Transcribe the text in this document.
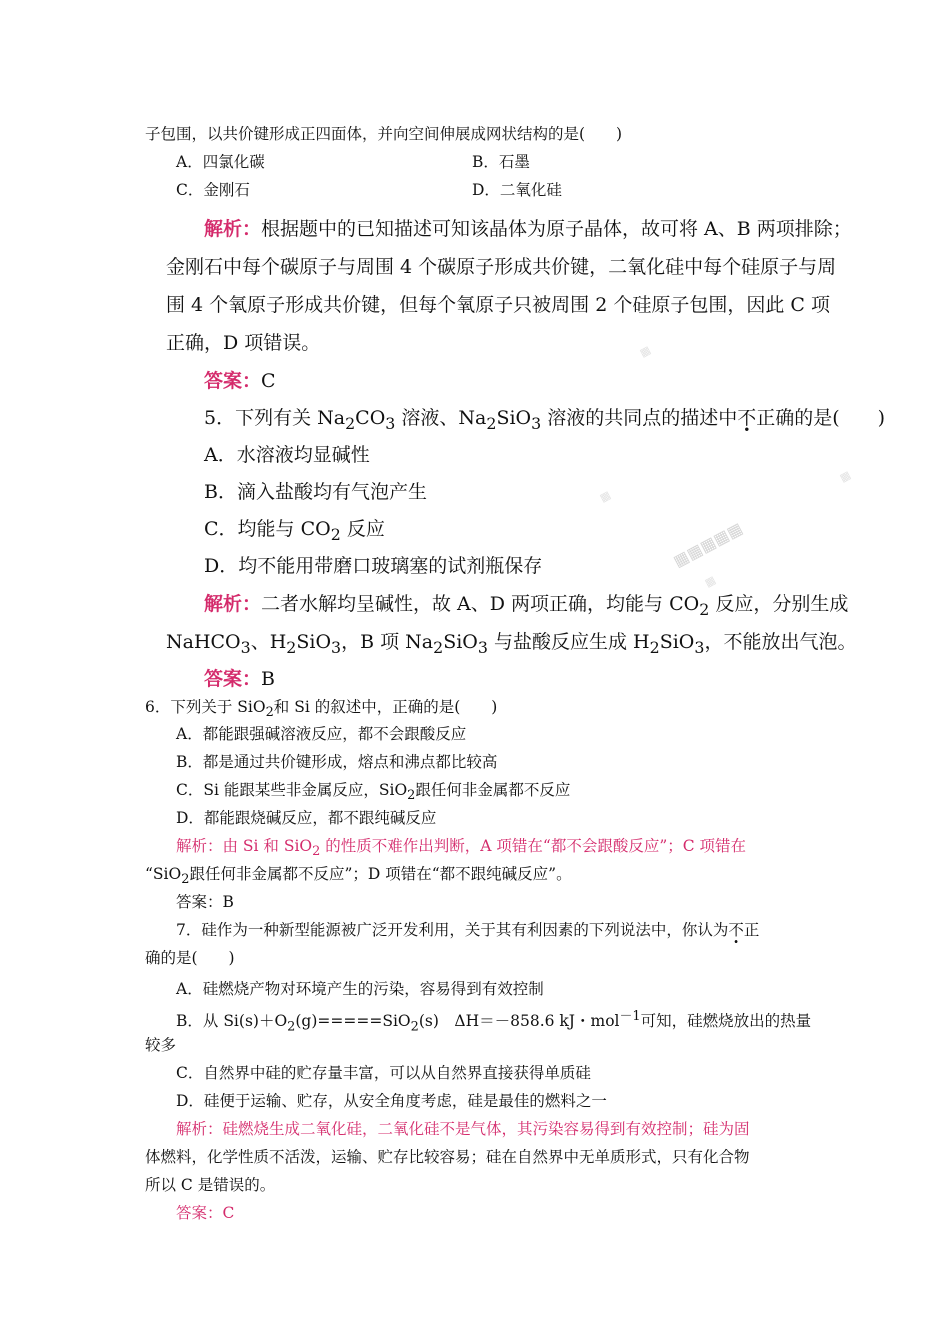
▦
▦
▦
▦▦▦▦▦
▦
子包围，以共价键形成正四面体，并向空间伸展成网状结构的是(　　)
A．四氯化碳	B．石墨
C．金刚石	D．二氧化硅
解析：根据题中的已知描述可知该晶体为原子晶体，故可将 A、B 两项排除；
金刚石中每个碳原子与周围 4 个碳原子形成共价键，二氧化硅中每个硅原子与周
围 4 个氧原子形成共价键，但每个氧原子只被周围 2 个硅原子包围，因此 C 项
正确，D 项错误。
答案：C
5．下列有关 $Na_2CO_3$ 溶液、$Na_2SiO_3$ 溶液的共同点的描述中不正确的是(　　)
A．水溶液均显碱性
B．滴入盐酸均有气泡产生
C．均能与 $CO_2$ 反应
D．均不能用带磨口玻璃塞的试剂瓶保存
解析：二者水解均呈碱性，故 A、D 两项正确，均能与 $CO_2$ 反应，分别生成
NaHCO$_3$、$H_2SiO_3$，B 项 $Na_2SiO_3$ 与盐酸反应生成 $H_2SiO_3$，不能放出气泡。
答案：B
6．下列关于 SiO$_2$和 Si 的叙述中，正确的是(　　)
A．都能跟强碱溶液反应，都不会跟酸反应
B．都是通过共价键形成，熔点和沸点都比较高
C．Si 能跟某些非金属反应，SiO$_2$跟任何非金属都不反应
D．都能跟烧碱反应，都不跟纯碱反应
解析：由 Si 和 SiO$_2$ 的性质不难作出判断，A 项错在“都不会跟酸反应”；C 项错在
“SiO$_2$跟任何非金属都不反应”；D 项错在“都不跟纯碱反应”。
答案：B
7．硅作为一种新型能源被广泛开发利用，关于其有利因素的下列说法中，你认为不正
确的是(　　)
A．硅燃烧产物对环境产生的污染，容易得到有效控制
B．从 $Si(s)+O_2(g)=====SiO_2(s)$　ΔH＝－858.6 kJ・mol$^{-1}$可知，硅燃烧放出的热量
较多
C．自然界中硅的贮存量丰富，可以从自然界直接获得单质硅
D．硅便于运输、贮存，从安全角度考虑，硅是最佳的燃料之一
解析：硅燃烧生成二氧化硅，二氧化硅不是气体，其污染容易得到有效控制；硅为固
体燃料，化学性质不活泼，运输、贮存比较容易；硅在自然界中无单质形式，只有化合物
所以 C 是错误的。
答案：C
